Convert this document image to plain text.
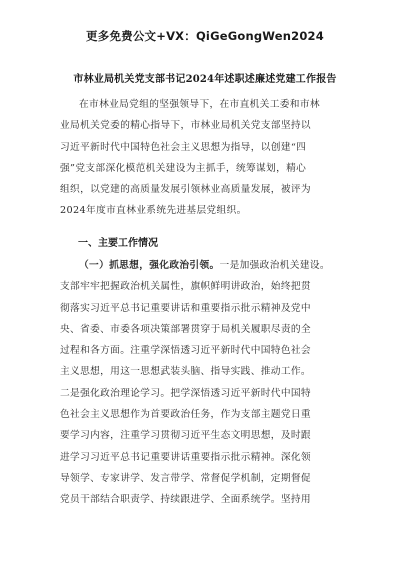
更多免费公文+VX：QiGeGongWen2024
市林业局机关党支部书记2024年述职述廉述党建工作报告
在市林业局党组的坚强领导下，在市直机关工委和市林
业局机关党委的精心指导下，市林业局机关党支部坚持以
习近平新时代中国特色社会主义思想为指导，以创建“四
强”党支部深化模范机关建设为主抓手，统筹谋划，精心
组织，以党建的高质量发展引领林业高质量发展，被评为
2024年度市直林业系统先进基层党组织。
一、主要工作情况
（一）抓思想，强化政治引领。一是加强政治机关建设。
支部牢牢把握政治机关属性，旗帜鲜明讲政治，始终把贯
彻落实习近平总书记重要讲话和重要指示批示精神及党中
央、省委、市委各项决策部署贯穿于局机关履职尽责的全
过程和各方面。注重学深悟透习近平新时代中国特色社会
主义思想，用这一思想武装头脑、指导实践、推动工作。
二是强化政治理论学习。把学深悟透习近平新时代中国特
色社会主义思想作为首要政治任务，作为支部主题党日重
要学习内容，注重学习贯彻习近平生态文明思想，及时跟
进学习习近平总书记重要讲话重要指示批示精神。深化领
导领学、专家讲学、发言带学、常督促学机制，定期督促
党员干部结合职责学、持续跟进学、全面系统学。坚持用
